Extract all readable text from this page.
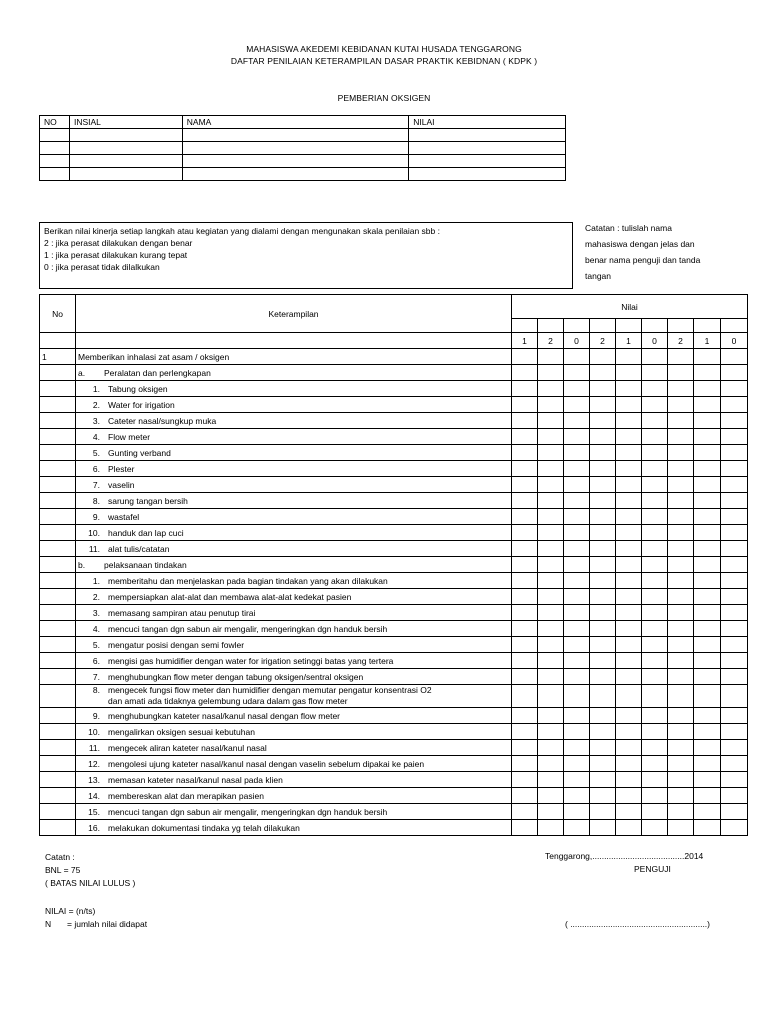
MAHASISWA AKEDEMI KEBIDANAN KUTAI HUSADA TENGGARONG
DAFTAR PENILAIAN KETERAMPILAN DASAR PRAKTIK KEBIDNAN ( KDPK )
PEMBERIAN OKSIGEN
NO	INSIAL	NAMA	NILAI

Berikan nilai kinerja setiap langkah atau kegiatan yang dialami dengan mengunakan skala penilaian sbb :
2 : jika perasat dilakukan dengan benar
1 : jika perasat dilakukan kurang tepat
0 : jika perasat tidak dilalkukan
Catatan : tulislah nama
mahasiswa dengan jelas dan
benar nama penguji dan tanda
tangan
No	Keterampilan	Nilai								

		1	2	0	2	1	0	2	1	0
1	Memberikan inhalasi zat asam / oksigen									
	a. Peralatan dan perlengkapan									
	1. Tabung oksigen									
	2. Water for irigation									
	3. Cateter nasal/sungkup muka									
	4. Flow meter									
	5. Gunting verband									
	6. Plester									
	7. vaselin									
	8. sarung tangan bersih									
	9. wastafel									
	10. handuk dan lap cuci									
	11. alat tulis/catatan									
	b. pelaksanaan tindakan									
	1. memberitahu dan menjelaskan pada bagian tindakan yang akan dilakukan									
	2. mempersiapkan alat-alat dan membawa alat-alat kedekat pasien									
	3. memasang sampiran atau penutup tirai									
	4. mencuci tangan dgn sabun air mengalir, mengeringkan dgn handuk bersih									
	5. mengatur posisi dengan semi fowler									
	6. mengisi gas humidifier dengan water for irigation setinggi batas yang tertera									
	7. menghubungkan flow meter dengan tabung oksigen/sentral oksigen									
	8. mengecek fungsi flow meter dan humidifier dengan memutar pengatur konsentrasi O2
dan amati ada tidaknya gelembung udara dalam gas flow meter									

	9. menghubungkan kateter nasal/kanul nasal dengan flow meter									
	10. mengalirkan oksigen sesuai kebutuhan									
	11. mengecek aliran kateter nasal/kanul nasal									
	12. mengolesi ujung kateter nasal/kanul nasal dengan vaselin sebelum dipakai ke paien									
	13. memasan kateter nasal/kanul nasal pada klien									
	14. membereskan alat dan merapikan pasien									
	15. mencuci tangan dgn sabun air mengalir, mengeringkan dgn handuk bersih									
	16. melakukan dokumentasi tindaka yg telah dilakukan									
Catatn :
BNL = 75
( BATAS NILAI LULUS )
NILAI = (n/ts)
N = jumlah nilai didapat
Tenggarong,.......................................2014
PENGUJI
( ..........................................................)
